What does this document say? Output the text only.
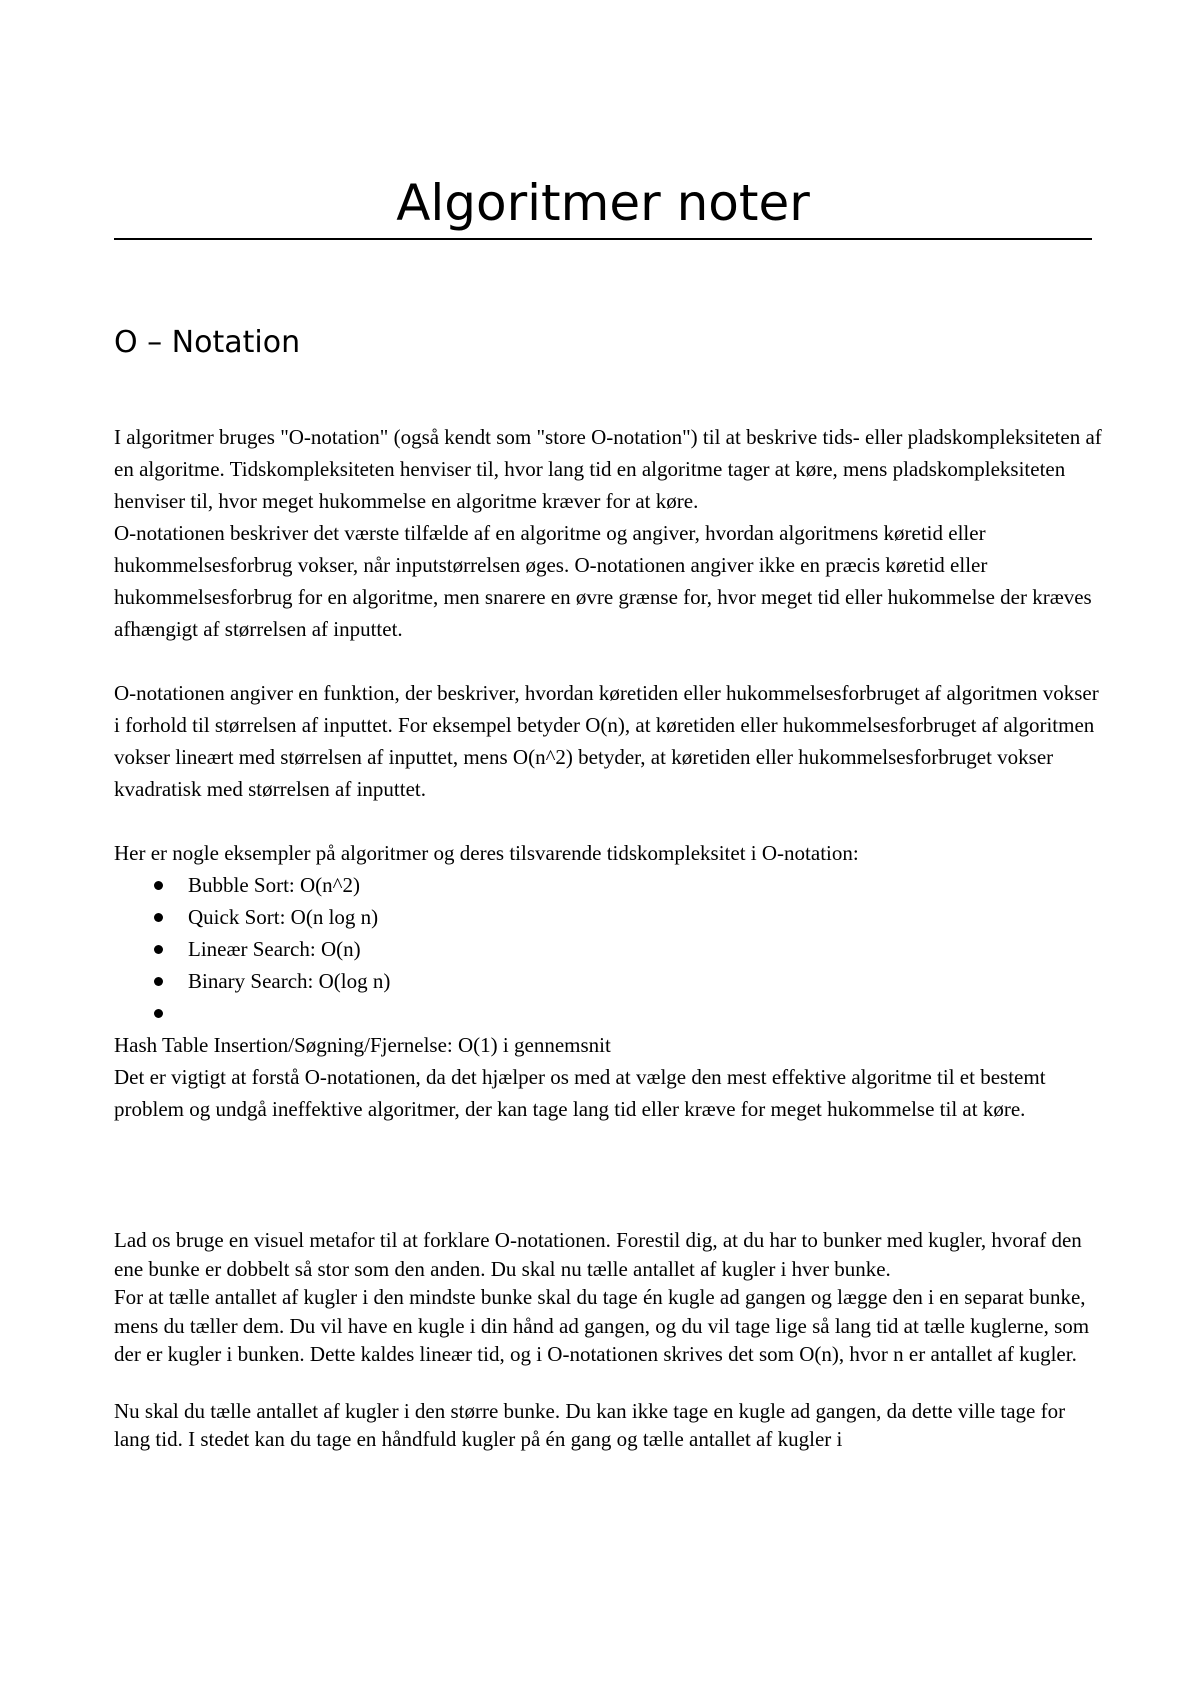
Algoritmer noter
O – Notation

I algoritmer bruges "O-notation" (også kendt som "store O-notation") til at beskrive tids- eller pladskompleksiteten af en algoritme. Tidskompleksiteten henviser til, hvor lang tid en algoritme tager at køre, mens pladskompleksiteten henviser til, hvor meget hukommelse en algoritme kræver for at køre.

O-notationen beskriver det værste tilfælde af en algoritme og angiver, hvordan algoritmens køretid eller hukommelsesforbrug vokser, når inputstørrelsen øges. O-notationen angiver ikke en præcis køretid eller hukommelsesforbrug for en algoritme, men snarere en øvre grænse for, hvor meget tid eller hukommelse der kræves afhængigt af størrelsen af inputtet.

O-notationen angiver en funktion, der beskriver, hvordan køretiden eller hukommelsesforbruget af algoritmen vokser i forhold til størrelsen af inputtet. For eksempel betyder O(n), at køretiden eller hukommelsesforbruget af algoritmen vokser lineært med størrelsen af inputtet, mens O(n^2) betyder, at køretiden eller hukommelsesforbruget vokser kvadratisk med størrelsen af inputtet.

Her er nogle eksempler på algoritmer og deres tilsvarende tidskompleksitet i O-notation:

Bubble Sort: O(n^2)
Quick Sort: O(n log n)
Lineær Search: O(n)
Binary Search: O(log n)

Hash Table Insertion/Søgning/Fjernelse: O(1) i gennemsnit

Det er vigtigt at forstå O-notationen, da det hjælper os med at vælge den mest effektive algoritme til et bestemt problem og undgå ineffektive algoritmer, der kan tage lang tid eller kræve for meget hukommelse til at køre.

Lad os bruge en visuel metafor til at forklare O-notationen. Forestil dig, at du har to bunker med kugler, hvoraf den ene bunke er dobbelt så stor som den anden. Du skal nu tælle antallet af kugler i hver bunke.

For at tælle antallet af kugler i den mindste bunke skal du tage én kugle ad gangen og lægge den i en separat bunke, mens du tæller dem. Du vil have en kugle i din hånd ad gangen, og du vil tage lige så lang tid at tælle kuglerne, som der er kugler i bunken. Dette kaldes lineær tid, og i O-notationen skrives det som O(n), hvor n er antallet af kugler.

Nu skal du tælle antallet af kugler i den større bunke. Du kan ikke tage en kugle ad gangen, da dette ville tage for lang tid. I stedet kan du tage en håndfuld kugler på én gang og tælle antallet af kugler i
